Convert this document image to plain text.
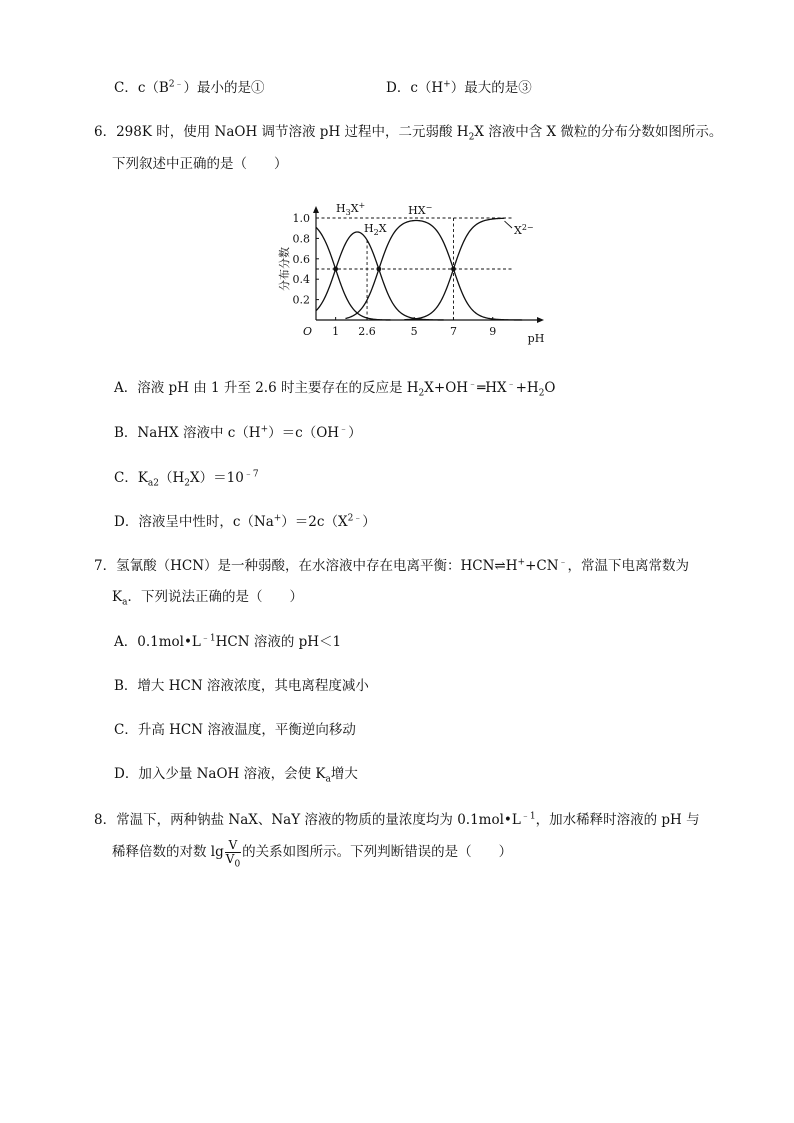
C．$c(B^{2﹣})$最小的是①	D．c（H+）最大的是③
6．298K 时，使用 NaOH 调节溶液 pH 过程中，二元弱酸 $H_2X$ 溶液中含 X 微粒的分布分数如图所示。
下列叙述中正确的是（　　）
0.2
0.4
0.6
0.8
1.0
1 2.6	5	7	9
O
pH
分布分数
$H_3X^+$
$H_2X$
HX−
$X^{2-}$
A．溶液 pH 由 1 升至 2.6 时主要存在的反应是 $H_2X+OH^﹣═HX^﹣+H_2O$
B．NaHX 溶液中 c（H+）＝c（OH﹣）
C．$K_{a2}(H_2X)=10^{﹣7}$
D．溶液呈中性时，$c(Na^+)=2c(X^{2﹣})$
7．氢氰酸（HCN）是一种弱酸，在水溶液中存在电离平衡：HCN⇌H++CN﹣，常温下电离常数为
$K_a$．下列说法正确的是（　　）
A．$0.1mol•L^{﹣1}HCN$ 溶液的 pH＜1
B．增大 HCN 溶液浓度，其电离程度减小
C．升高 HCN 溶液温度，平衡逆向移动
D．加入少量 NaOH 溶液，会使 $K_a$增大
8．常温下，两种钠盐 NaX、NaY 溶液的物质的量浓度均为 $0.1mol•L^{﹣1}$，加水稀释时溶液的 pH 与
稀释倍数的对数 $\lg \frac{V}{V_0}$ 的关系如图所示。下列判断错误的是（　　）
